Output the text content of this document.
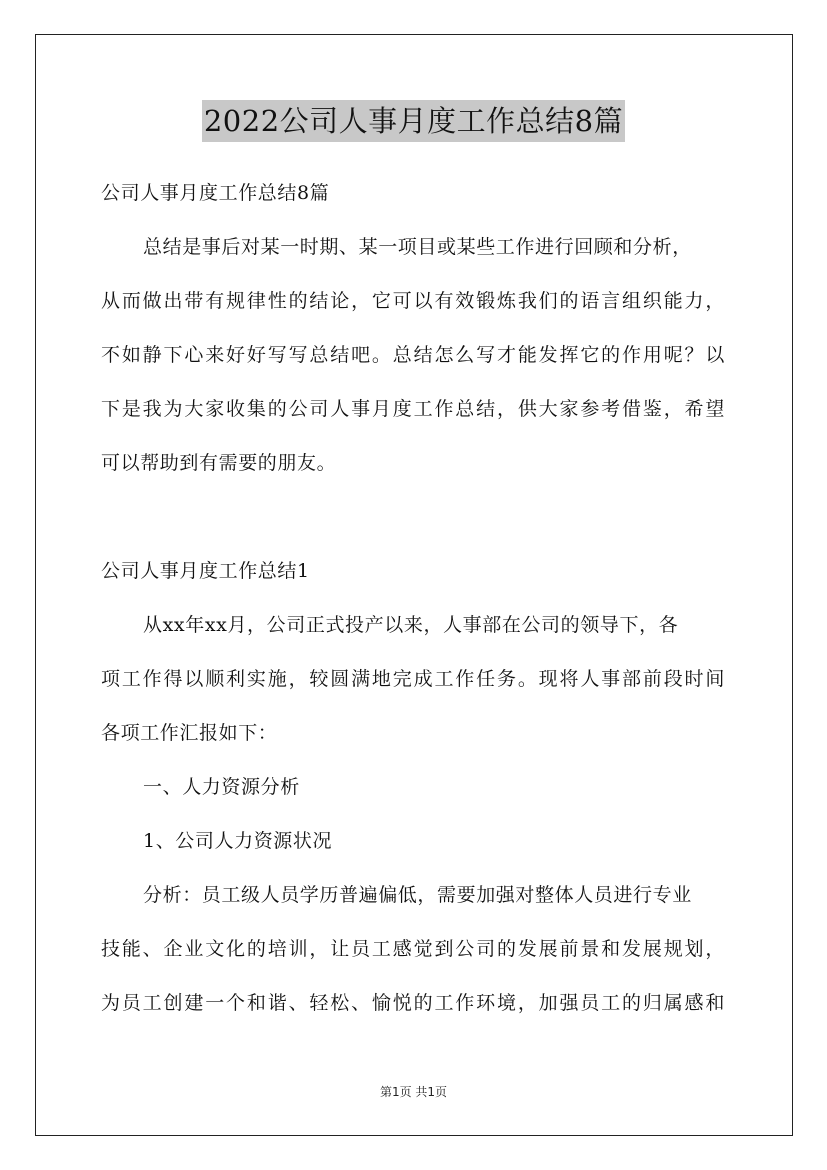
2022公司人事月度工作总结8篇
公司人事月度工作总结8篇
总结是事后对某一时期、某一项目或某些工作进行回顾和分析，
从而做出带有规律性的结论，它可以有效锻炼我们的语言组织能力，
不如静下心来好好写写总结吧。总结怎么写才能发挥它的作用呢？以
下是我为大家收集的公司人事月度工作总结，供大家参考借鉴，希望
可以帮助到有需要的朋友。
公司人事月度工作总结1
从xx年xx月，公司正式投产以来，人事部在公司的领导下，各
项工作得以顺利实施，较圆满地完成工作任务。现将人事部前段时间
各项工作汇报如下：
一、人力资源分析
1、公司人力资源状况
分析：员工级人员学历普遍偏低，需要加强对整体人员进行专业
技能、企业文化的培训，让员工感觉到公司的发展前景和发展规划，
为员工创建一个和谐、轻松、愉悦的工作环境，加强员工的归属感和
第1页 共1页
